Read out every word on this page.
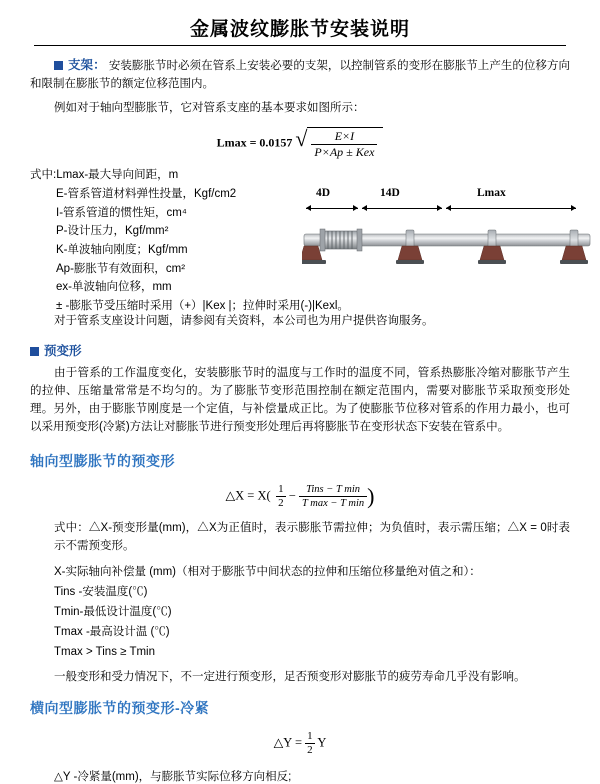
金属波纹膨胀节安装说明

支架： 安装膨胀节时必须在管系上安装必要的支架，以控制管系的变形在膨胀节上产生的位移方向和限制在膨胀节的额定位移范围内。

例如对于轴向型膨胀节，它对管系支座的基本要求如图所示：

Lmax = 0.0157 √ $\frac{E\times I}{\text{P×Ap ± Kex}}$
式中:Lmax-最大导向间距，m
E-管系管道材料弹性投量，Kgf/cm2
I-管系管道的惯性矩，cm⁴
P-设计压力，Kgf/mm²
K-单波轴向刚度；Kgf/mm
Ap-膨胀节有效面积，cm²
ex-单波轴向位移，mm
± -膨胀节受压缩时采用（+）|Kex |；拉伸时采用(-)|Kexl。
4D	14D	Lmax

对于管系支座设计问题，请参阅有关资料，本公司也为用户提供咨询服务。

预变形

由于管系的工作温度变化，安装膨胀节时的温度与工作时的温度不同，管系热膨胀冷缩对膨胀节产生的拉伸、压缩量常常是不均匀的。为了膨胀节变形范围控制在额定范围内，需要对膨胀节采取预变形处理。另外，由于膨胀节刚度是一个定值，与补偿量成正比。为了使膨胀节位移对管系的作用力最小，也可以采用预变形(冷紧)方法让对膨胀节进行预变形处理后再将膨胀节在变形状态下安装在管系中。

轴向型膨胀节的预变形
△X = $X( \frac{1}{2} - \frac{\text{Tins − T min}}{\text{T max − T min}}$ )

式中：△X-预变形量(mm)，△X为正值时，表示膨胀节需拉伸；为负值时，表示需压缩；△X = 0时表示不需预变形。

X-实际轴向补偿量 (mm)（相对于膨胀节中间状态的拉伸和压缩位移量绝对值之和）：
Tins -安装温度(℃)
Tmin-最低设计温度(℃)
Tmax -最高设计温 (℃)
Tmax > Tins ≥ Tmin
一般变形和受力情况下，不一定进行预变形，足否预变形对膨胀节的疲劳寿命几乎没有影响。
横向型膨胀节的预变形-冷紧
△Y = $\frac{1}{2}$ Y
△Y -冷紧量(mm)，与膨胀节实际位移方向相反;
